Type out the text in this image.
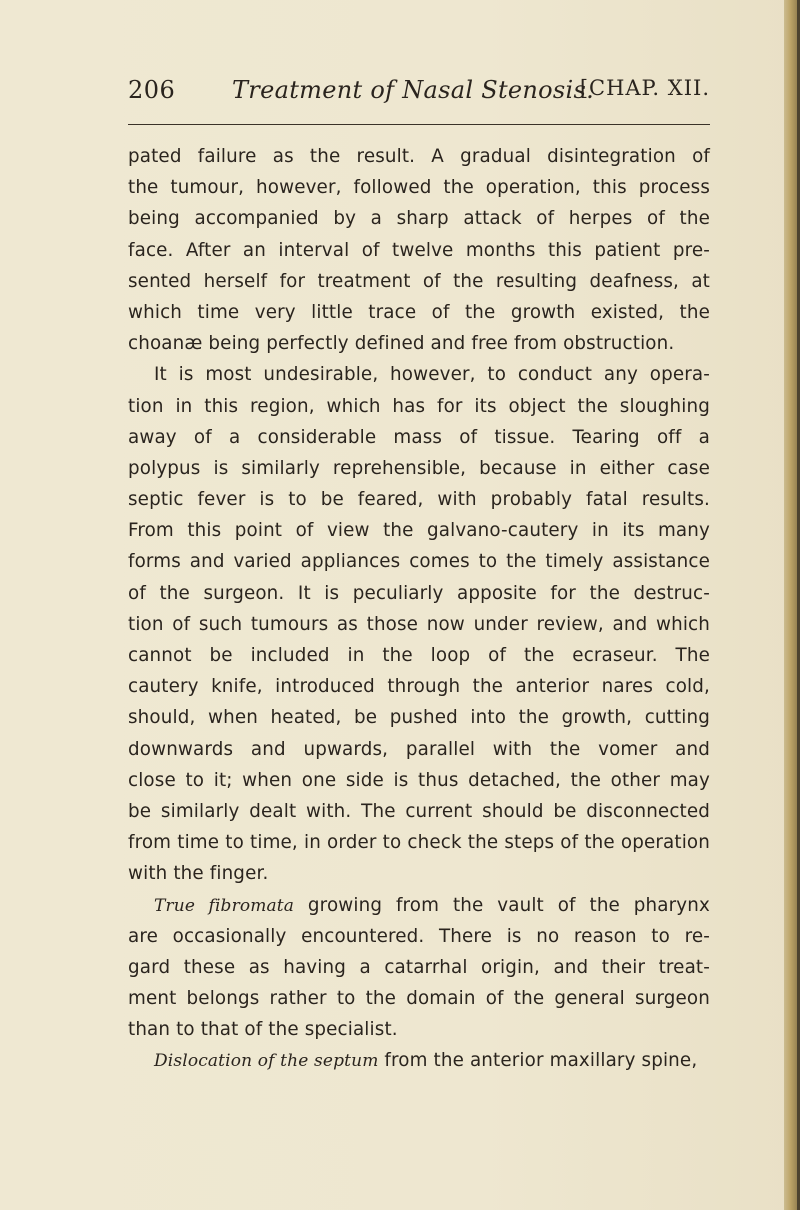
206 Treatment of Nasal Stenosis.
[CHAP. XII.
pated failure as the result. A gradual disintegration of
the tumour, however, followed the operation, this process
being accompanied by a sharp attack of herpes of the
face. After an interval of twelve months this patient pre-
sented herself for treatment of the resulting deafness, at
which time very little trace of the growth existed, the
choanæ being perfectly defined and free from obstruction.
It is most undesirable, however, to conduct any opera-
tion in this region, which has for its object the sloughing
away of a considerable mass of tissue. Tearing off a
polypus is similarly reprehensible, because in either case
septic fever is to be feared, with probably fatal results.
From this point of view the galvano-cautery in its many
forms and varied appliances comes to the timely assistance
of the surgeon. It is peculiarly apposite for the destruc-
tion of such tumours as those now under review, and which
cannot be included in the loop of the ecraseur. The
cautery knife, introduced through the anterior nares cold,
should, when heated, be pushed into the growth, cutting
downwards and upwards, parallel with the vomer and
close to it; when one side is thus detached, the other may
be similarly dealt with. The current should be disconnected
from time to time, in order to check the steps of the operation
with the finger.
True fibromata growing from the vault of the pharynx
are occasionally encountered. There is no reason to re-
gard these as having a catarrhal origin, and their treat-
ment belongs rather to the domain of the general surgeon
than to that of the specialist.
Dislocation of the septum from the anterior maxillary spine,
